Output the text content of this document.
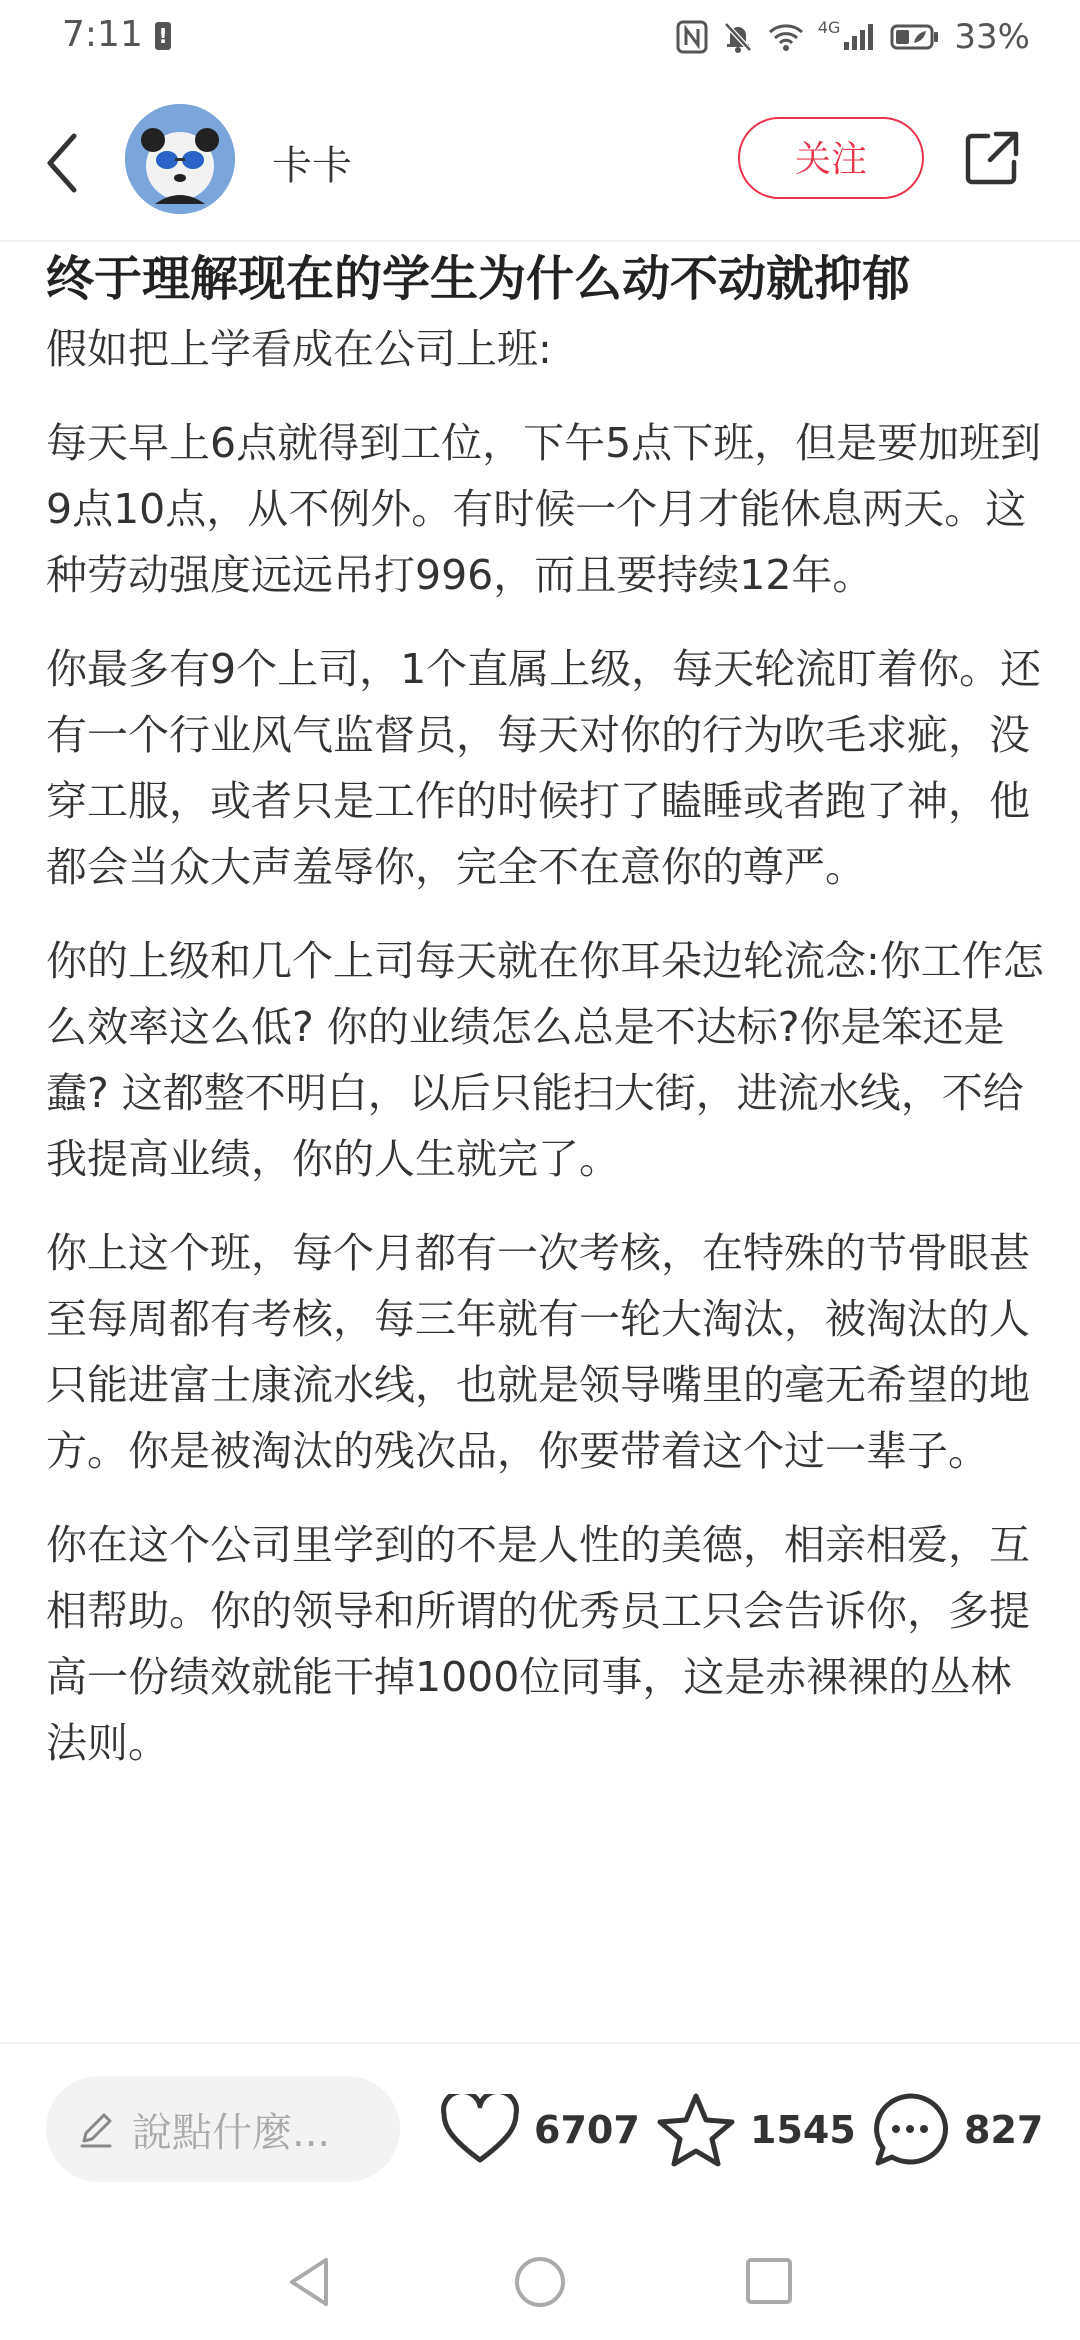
7:11 !	4G	33%
卡卡	关注
终于理解现在的学生为什么动不动就抑郁

假如把上学看成在公司上班:

每天早上6点就得到工位，下午5点下班，但是要加班到9点10点，从不例外。有时候一个月才能休息两天。这种劳动强度远远吊打996，而且要持续12年。

你最多有9个上司，1个直属上级，每天轮流盯着你。还有一个行业风气监督员，每天对你的行为吹毛求疵，没穿工服，或者只是工作的时候打了瞌睡或者跑了神，他都会当众大声羞辱你，完全不在意你的尊严。

你的上级和几个上司每天就在你耳朵边轮流念:你工作怎么效率这么低? 你的业绩怎么总是不达标?你是笨还是蠢? 这都整不明白，以后只能扫大街，进流水线，不给我提高业绩，你的人生就完了。

你上这个班，每个月都有一次考核，在特殊的节骨眼甚至每周都有考核，每三年就有一轮大淘汰，被淘汰的人只能进富士康流水线，也就是领导嘴里的毫无希望的地方。你是被淘汰的残次品，你要带着这个过一辈子。

你在这个公司里学到的不是人性的美德，相亲相爱，互相帮助。你的领导和所谓的优秀员工只会告诉你，多提高一份绩效就能干掉1000位同事，这是赤裸裸的丛林法则。

說點什麼...	6707	1545	827
